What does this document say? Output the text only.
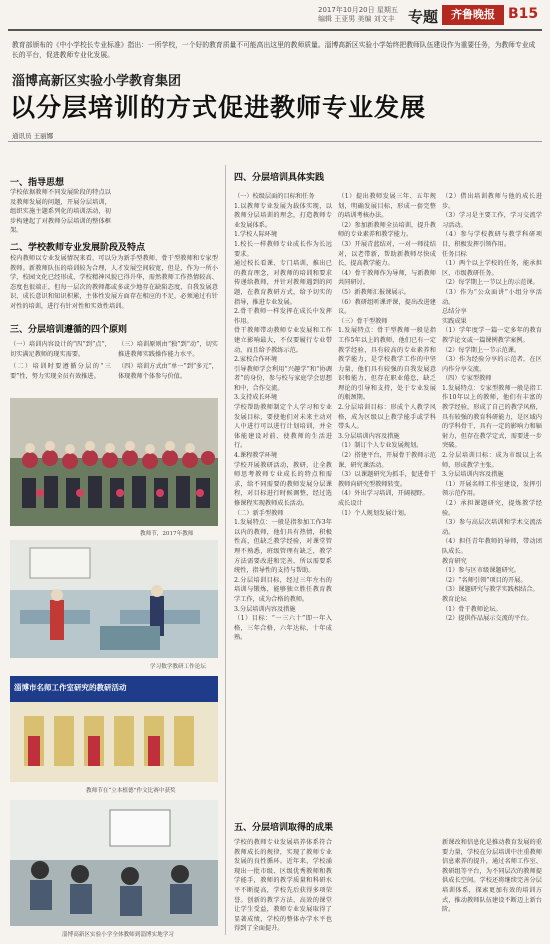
2017年10月20日 星期五
编辑 王亚男 美编 刘文丰 专题	齐鲁晚报 B15
教育部颁布的《中小学校长专业标准》指出：一所学校，一个好的教育质量不可能高出这里的教师质量。淄博高新区实验小学始终把教师队伍建设作为重要任务，为教师专业成长的平台，促进教师专业化发展。
淄博高新区实验小学教育集团
以分层培训的方式促进教师专业发展
通讯员 王丽娜
一、指导思想
学校依据教师不同发展阶段的特点以及教师发展的问题，开展分层培训，组织实施主题系列化的培训活动，初步构建起了对教师分层培训的整体框架。
二、学校教师专业发展阶段及特点
校内教师以专业发展情况来看，可以分为新手型教师、骨干型教师和专家型教师。新教师队伍的培训较为合理，人才发展空间较宽，但是，作为一所小学，校园文化已经形成，学校精神风貌已得升华，需然教师工作热情较高、态度也很端正，但每一层次的教师都或多或少地存在缺陷态度，自我发展意识、成长意识和知识积累，主体性发展方面存在相应的不足，必须通过有针对性的培训，进行有针对性和实效性培训。
三、分层培训遵循的四个原则
（一）培训内容设计的“四”到“点”，切实满足教师的现实需要。
（二）培训时要遵循分层的“三要”性，努力实现全员有效推进。
（三）培训原则由“独”到“动”，切实推进教师实践操作能力水平。
（四）培训方式由“单一”到“多元”，体现教师个体参与价值。
教师节，2017年教师
学习数学教研工作论坛
淄博市名师工作室研究的教研活动
教师节在“立本植德”作文比赛中获奖
淄博高新区实验小学全体教师到淄博实地学习
四、分层培训具体实践
（一）校级层面的目标和任务
1.以教师专业发展为载体实现，以教师分层培训的理念，打造教师专业发展体系。
1.学校人际环境
1.校长一样教师专业成长作为长远要求。
通过校长看课、专门培训，推出已的教育理念，对教师的培训和要求传递给教师，并针对教师遇到的问题，在教育教研方式，给予切实的指导，推进专业发展。
2.骨干教师一样发挥在成长中发挥作用。
骨干教师带动教师专业发展和工作建立影响最大，不仅要履行专业带动，而且给予教练示范。
2.家校合作环境
引导教师学会利用“兴趣学”和“协调者”的身份，参与校与家庭学会思想和中，合作交流。
3.支持成长环境
学校帮助教师制定个人学习和专业发展目标，要使他们对未来主动对人中进行可以进行计划培训，并全体能建设对前、使教师的生活进行。
4.课程教学环境
学校开展教研活动，教研，让全教师思考教师专业成长的特点和需求，给不同需要的教师发展分层课程，对目标进行时候调整，经过选修课程实现教师成长活动。
（二）新手型教师
1.发展特点：一般是指参加工作3年以内的教师，他们具有热情，积极性高，但缺乏教学经验，对课堂管理不熟悉，班级管理有缺乏，教学方法需要改进和完善，所以需要系统性，指导性的支持与帮助。
2.分层培训目标，经过三年左右的培训与锻炼，能够独立胜任教育教学工作，成为合格的教师。
3.分层培训内容及措施
（1）目标：“一三六十”即一年入格，三年合格，六年达标，十年成熟。
（1）提出教师发展三年、五年规划，明确发展目标，形成一套完整的培训考核办法。
（2）参加新教师全员培训，提升教师的专业素养和教学能力。
（3）开展青蓝结对，一对一师徒结对，以老带新，帮助新教师尽快成长，提高教学能力。
（4）骨干教师作为导师，与新教师共同研讨。
（5）新教师汇报课展示。
（6）教研组听课评课，提出改进建议。
（三）骨干型教师
1.发展特点：骨干型教师一般是指工作5年以上的教师，他们已有一定教学经验，具有较高的专业素养和教学能力，是学校教学工作的中坚力量，他们具有较强的自我发展意识和能力，但存在职业倦怠，缺乏理论的引导和支持，处于专业发展的瓶颈期。
2.分层培训目标：形成个人教学风格，成为区级以上教学能手或学科带头人。
3.分层培训内容及措施
（1）制订个人专业发展规划。
（2）搭建平台，开展骨干教师示范课、研究课活动。
（3）以课题研究为抓手，促进骨干教师向研究型教师转变。
（4）外出学习培训，开阔视野。
成长设计
（1）个人规划发展计划。
（2）借出培训教师与他的成长进步。
（3）学习是主要工作，学习交流学习活动。
（4）参与学校教研与教学科研项目，积极发挥引领作用。
任务目标
（1）两个以上学校的任务，能承担区、市级教研任务。
（2）每学期上一节以上的示范课。
（3）作为“公众面讲”小组分享活动。
总结分享
实践成果
（1）学年度学一篇一定多年的教育教学论文或一篇课例教学案例。
（2）每学期上一节示范课。
（3）作为经验分享的示范者，在区内作分享交流。
（四）专家型教师
1.发展特点：专家型教师一般是指工作10年以上的教师，他们有丰富的教学经验，形成了自己的教学风格，具有较强的教育科研能力，是区域内的学科骨干，具有一定的影响力和辐射力，但存在教学定式，需要进一步突破。
2.分层培训目标：成为市级以上名师，形成教学主张。
3.分层培训内容及措施
（1）开展名师工作室建设，发挥引领示范作用。
（2）承担课题研究，提炼教学经验。
（3）参与高层次培训和学术交流活动。
（4）担任青年教师的导师，带动团队成长。
教育研究
（1）参与区市级课题研究。
（2）“名师引领”项目的开展。
（3）课题研究与教学实践相结合。
教育论坛
（1）骨干教师论坛。
（2）提供作品展示交流的平台。
五、分层培训取得的成果
学校的教师专业发展培养体系符合教师成长的规律，实现了教师专业发展的良性循环。近年来，学校涌现出一批市级、区级优秀教师和教学能手，教师的教学质量和科研水平不断提高，学校先后获得多项荣誉。创新的教学方法、高效的课堂让学生受益，教师专业发展取得了显著成绩，学校的整体办学水平也得到了全面提升。
新课改和信息化是推动教育发展的重要力量，学校在分层培训中注重教师信息素养的提升，通过名师工作室、教研组等平台，为不同层次的教师提供成长空间。学校还将继续完善分层培训体系，探索更加有效的培训方式，推动教师队伍建设不断迈上新台阶。
